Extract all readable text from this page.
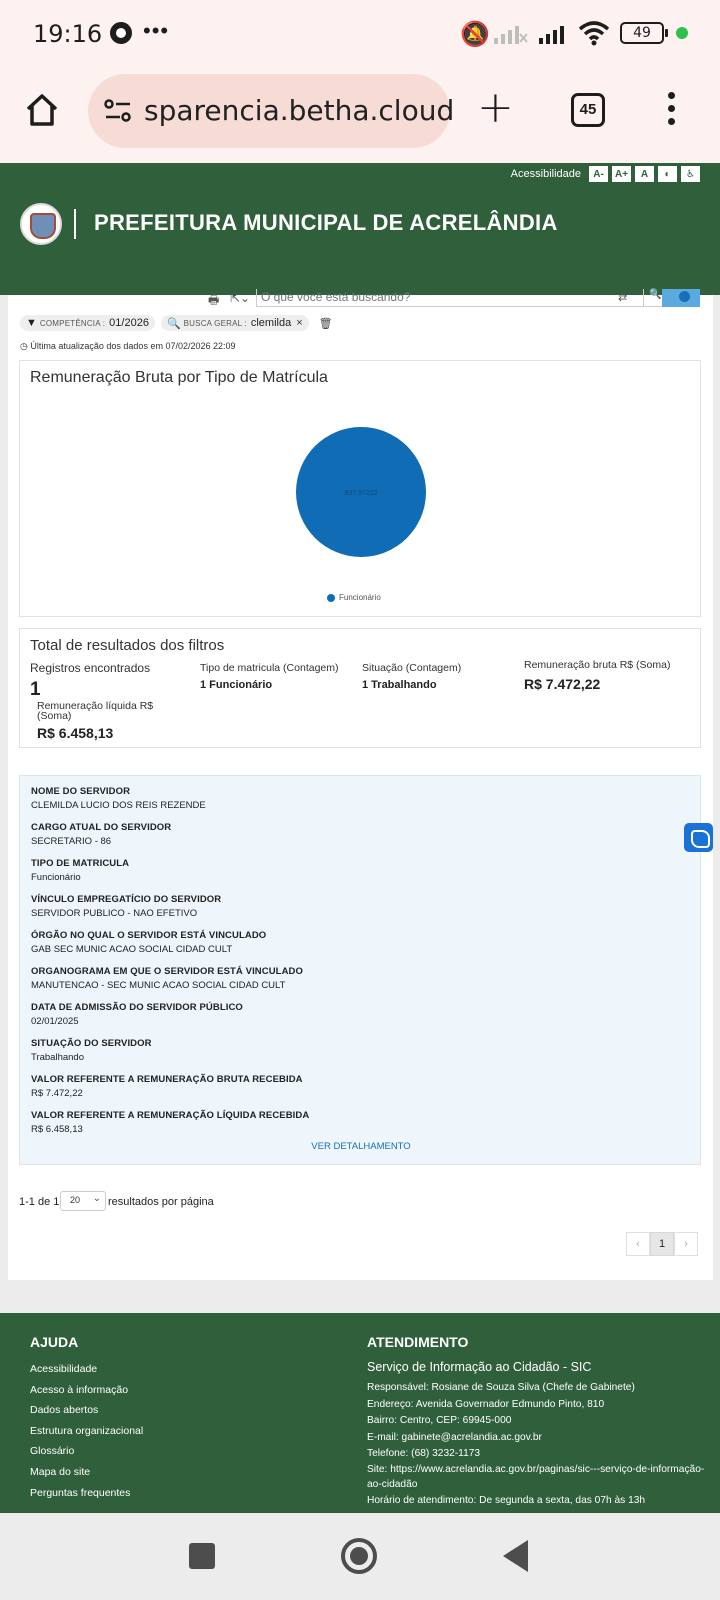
19:16 •••	🔕	49
sparencia.betha.cloud +	45
Acessibilidade	A-	A+	A	◐	♿
PREFEITURA MUNICIPAL DE ACRELÂNDIA
🖶 ⇱⌄
O que você está buscando?	⇄	🔍
▼ COMPETÊNCIA : 01/2026 🔍 BUSCA GERAL : clemilda × 🗑
◷ Última atualização dos dados em 07/02/2026 22:09
Remuneração Bruta por Tipo de Matrícula
937,97222
Funcionário
Total de resultados dos filtros
Registros encontrados
1
Remuneração líquida R$
(Soma)
R$ 6.458,13
Tipo de matricula (Contagem)
1 Funcionário
Situação (Contagem)
1 Trabalhando
Remuneração bruta R$ (Soma)
R$ 7.472,22
VALOR REFERENTE A REMUNERAÇÃO LÍQUIDA RECEBIDA
R$ 6.458,13
VALOR REFERENTE A REMUNERAÇÃO BRUTA RECEBIDA
R$ 7.472,22
SITUAÇÃO DO SERVIDOR
Trabalhando
DATA DE ADMISSÃO DO SERVIDOR PÚBLICO
02/01/2025
ORGANOGRAMA EM QUE O SERVIDOR ESTÁ VINCULADO
MANUTENCAO - SEC MUNIC ACAO SOCIAL CIDAD CULT
ÓRGÃO NO QUAL O SERVIDOR ESTÁ VINCULADO
GAB SEC MUNIC ACAO SOCIAL CIDAD CULT
VÍNCULO EMPREGATÍCIO DO SERVIDOR
SERVIDOR PUBLICO - NAO EFETIVO
TIPO DE MATRICULA
Funcionário
CARGO ATUAL DO SERVIDOR
SECRETARIO - 86
NOME DO SERVIDOR
CLEMILDA LUCIO DOS REIS REZENDE
VER DETALHAMENTO
1-1 de 1	20 ⌄ resultados por página
‹	1	›
AJUDA	ATENDIMENTO
Serviço de Informação ao Cidadão - SIC
Acessibilidade
Acesso à informação
Dados abertos
Estrutura organizacional
Glossário
Mapa do site
Perguntas frequentes
Responsável: Rosiane de Souza Silva (Chefe de Gabinete)
Endereço: Avenida Governador Edmundo Pinto, 810
Bairro: Centro, CEP: 69945-000
E-mail: gabinete@acrelandia.ac.gov.br
Telefone: (68) 3232-1173
Site: https://www.acrelandia.ac.gov.br/paginas/sic---serviço-de-informação-ao-cidadão
Horário de atendimento: De segunda a sexta, das 07h às 13h
